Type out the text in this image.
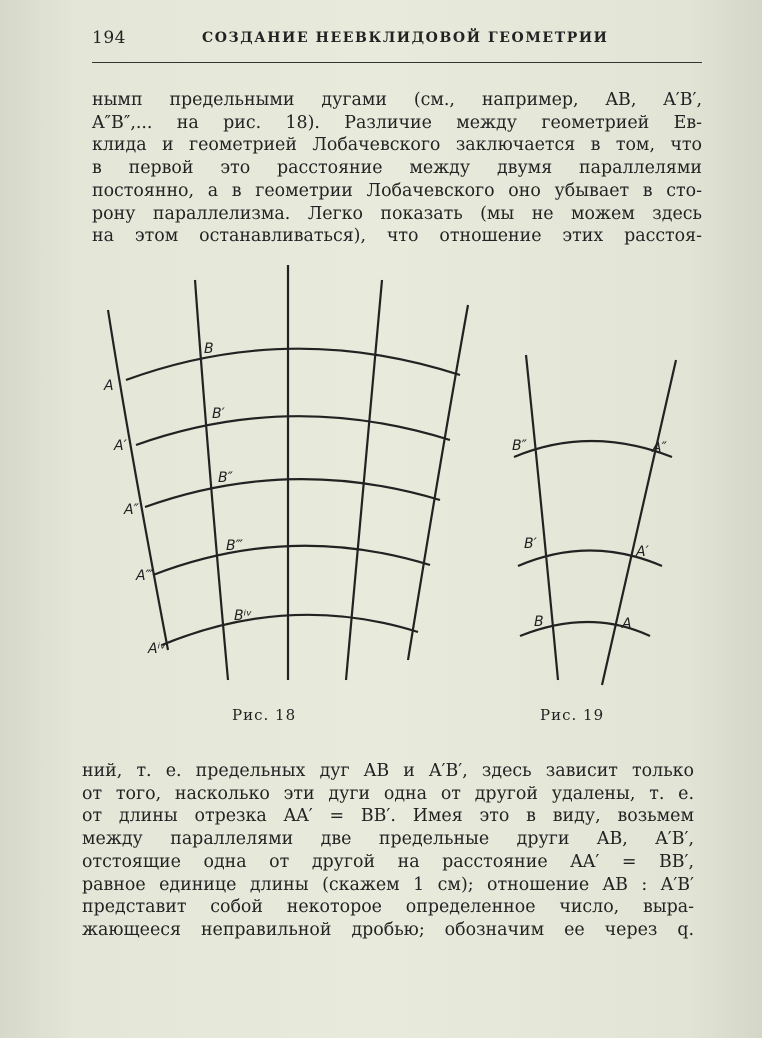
194	СОЗДАНИЕ НЕЕВКЛИДОВОЙ ГЕОМЕТРИИ
нымп предельными дугами (см., например, AB, A′B′,
A″B″,... на рис. 18). Различие между геометрией Ев-
клида и геометрией Лобачевского заключается в том, что
в первой это расстояние между двумя параллелями
постоянно, а в геометрии Лобачевского оно убывает в сто-
рону параллелизма. Легко показать (мы не можем здесь
на этом останавливаться), что отношение этих расстоя-
A
A′
A″
A‴
Aⁱᵛ
B
B′
B″
B‴
Bⁱᵛ
B″	A″
B′	A′
B	A
Рис. 18	Рис. 19
ний, т. е. предельных дуг AB и A′B′, здесь зависит только
от того, насколько эти дуги одна от другой удалены, т. е.
от длины отрезка AA′ = BB′. Имея это в виду, возьмем
между параллелями две предельные други AB, A′B′,
отстоящие одна от другой на расстояние AA′ = BB′,
равное единице длины (скажем 1 см); отношение AB : A′B′
представит собой некоторое определенное число, выра-
жающееся неправильной дробью; обозначим ее через q.
